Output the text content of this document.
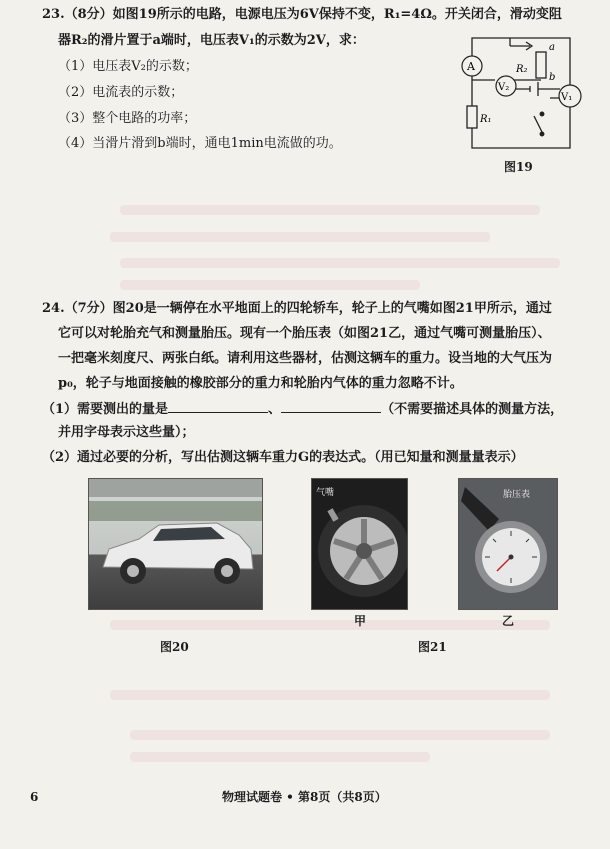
23.（8分）如图19所示的电路，电源电压为6V保持不变，R₁=4Ω。开关闭合，滑动变阻
器R₂的滑片置于a端时，电压表V₁的示数为2V，求：
（1）电压表V₂的示数；
（2）电流表的示数；
（3）整个电路的功率；
（4）当滑片滑到b端时，通电1min电流做的功。
A
V₂
V₁
R₂
R₁
a
b
图19
24.（7分）图20是一辆停在水平地面上的四轮轿车，轮子上的气嘴如图21甲所示，通过
它可以对轮胎充气和测量胎压。现有一个胎压表（如图21乙，通过气嘴可测量胎压）、
一把毫米刻度尺、两张白纸。请利用这些器材，估测这辆车的重力。设当地的大气压为
p₀，轮子与地面接触的橡胶部分的重力和轮胎内气体的重力忽略不计。
（1）需要测出的量是	、	（不需要描述具体的测量方法，
并用字母表示这些量）；
（2）通过必要的分析，写出估测这辆车重力G的表达式。（用已知量和测量量表示）
图20
气嘴
甲
胎压表
乙
图21
6	物理试题卷 • 第8页（共8页）
